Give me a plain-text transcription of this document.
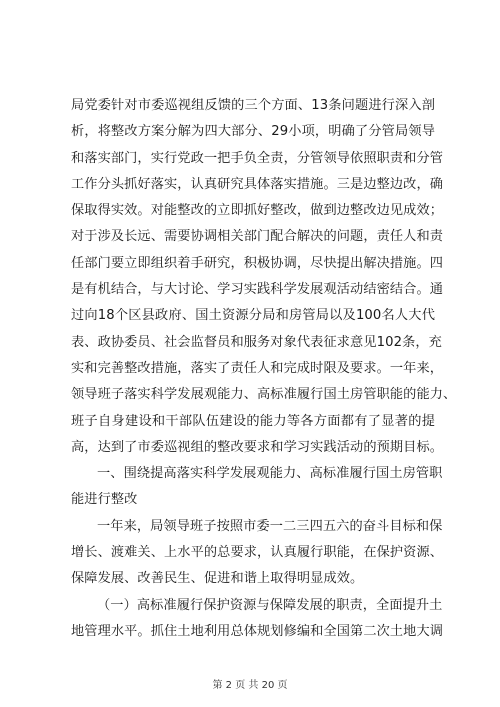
局党委针对市委巡视组反馈的三个方面、13条问题进行深入剖
析，将整改方案分解为四大部分、29小项，明确了分管局领导
和落实部门，实行党政一把手负全责，分管领导依照职责和分管
工作分头抓好落实，认真研究具体落实措施。三是边整边改，确
保取得实效。对能整改的立即抓好整改，做到边整改边见成效；
对于涉及长远、需要协调相关部门配合解决的问题，责任人和责
任部门要立即组织着手研究，积极协调，尽快提出解决措施。四
是有机结合，与大讨论、学习实践科学发展观活动结密结合。通
过向18个区县政府、国土资源分局和房管局以及100名人大代
表、政协委员、社会监督员和服务对象代表征求意见102条，充
实和完善整改措施，落实了责任人和完成时限及要求。一年来，
领导班子落实科学发展观能力、高标准履行国土房管职能的能力、
班子自身建设和干部队伍建设的能力等各方面都有了显著的提
高，达到了市委巡视组的整改要求和学习实践活动的预期目标。
一、围绕提高落实科学发展观能力、高标准履行国土房管职
能进行整改
一年来，局领导班子按照市委一二三四五六的奋斗目标和保
增长、渡难关、上水平的总要求，认真履行职能，在保护资源、
保障发展、改善民生、促进和谐上取得明显成效。
（一）高标准履行保护资源与保障发展的职责，全面提升土
地管理水平。抓住土地利用总体规划修编和全国第二次土地大调
第 2 页 共 20 页
